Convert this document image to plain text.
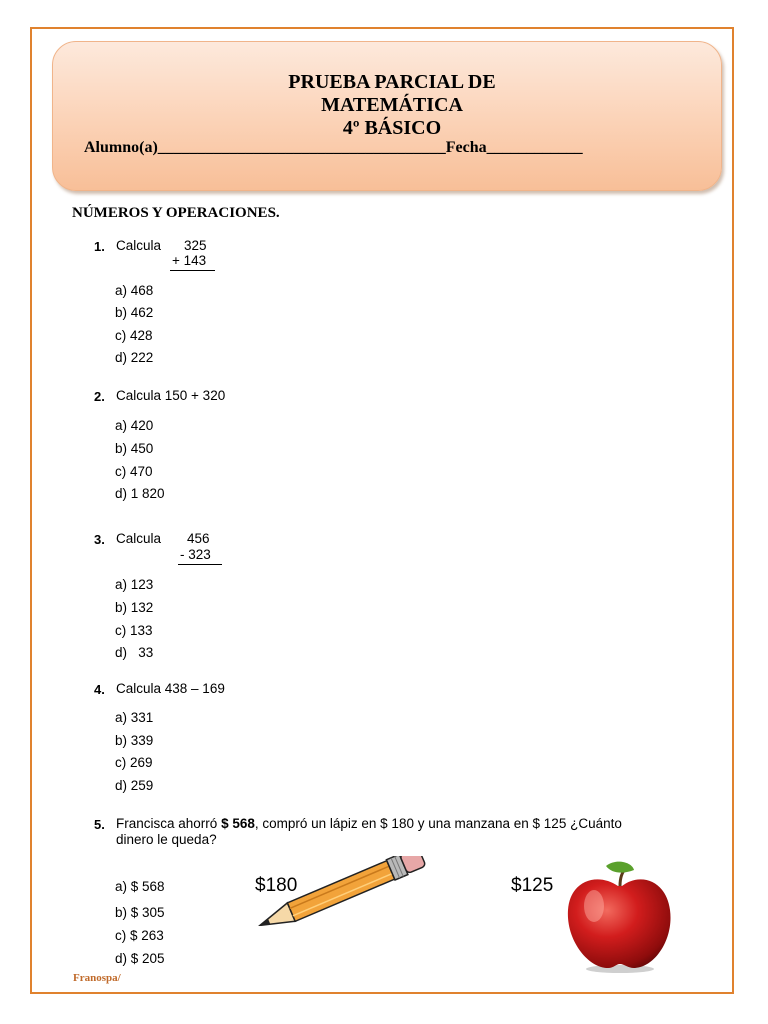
PRUEBA PARCIAL DE
MATEMÁTICA
4º BÁSICO
Alumno(a)____________________________________Fecha____________
NÚMEROS Y OPERACIONES.
1. Calcula 325
+ 143
a) 468
b) 462
c) 428
d) 222
2. Calcula 150 + 320
a) 420
b) 450
c) 470
d) 1 820
3. Calcula 456
- 323
a) 123
b) 132
c) 133
d)   33
4. Calcula 438 – 169
a) 331
b) 339
c) 269
d) 259
5. Francisca ahorró $ 568, compró un lápiz en $ 180 y una manzana en $ 125 ¿Cuánto
dinero le queda?
a) $ 568
b) $ 305
c) $ 263
d) $ 205
$180	$125
Franospa/
